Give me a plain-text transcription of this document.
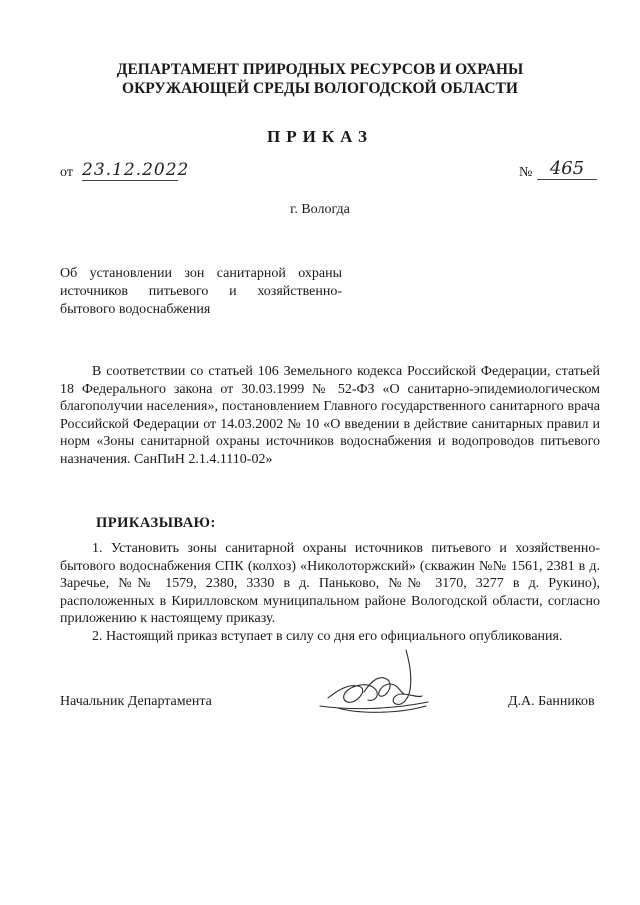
ДЕПАРТАМЕНТ ПРИРОДНЫХ РЕСУРСОВ И ОХРАНЫ
ОКРУЖАЮЩЕЙ СРЕДЫ ВОЛОГОДСКОЙ ОБЛАСТИ
ПРИКАЗ
от 23.12.2022	№ 465
г. Вологда
Об установлении зон санитарной охраны источников питьевого и хозяйственно-бытового водоснабжения
В соответствии со статьей 106 Земельного кодекса Российской Федерации, статьей 18 Федерального закона от 30.03.1999 № 52-ФЗ «О санитарно-эпидемиологическом благополучии населения», постановлением Главного государственного санитарного врача Российской Федерации от 14.03.2002 № 10 «О введении в действие санитарных правил и норм «Зоны санитарной охраны источников водоснабжения и водопроводов питьевого назначения. СанПиН 2.1.4.1110-02»
ПРИКАЗЫВАЮ:
1. Установить зоны санитарной охраны источников питьевого и хозяйственно-бытового водоснабжения СПК (колхоз) «Николоторжский» (скважин №№ 1561, 2381 в д. Заречье, №№ 1579, 2380, 3330 в д. Паньково, №№ 3170, 3277 в д. Рукино), расположенных в Кирилловском муниципальном районе Вологодской области, согласно приложению к настоящему приказу.
2. Настоящий приказ вступает в силу со дня его официального опубликования.
Начальник Департамента	Д.А. Банников
